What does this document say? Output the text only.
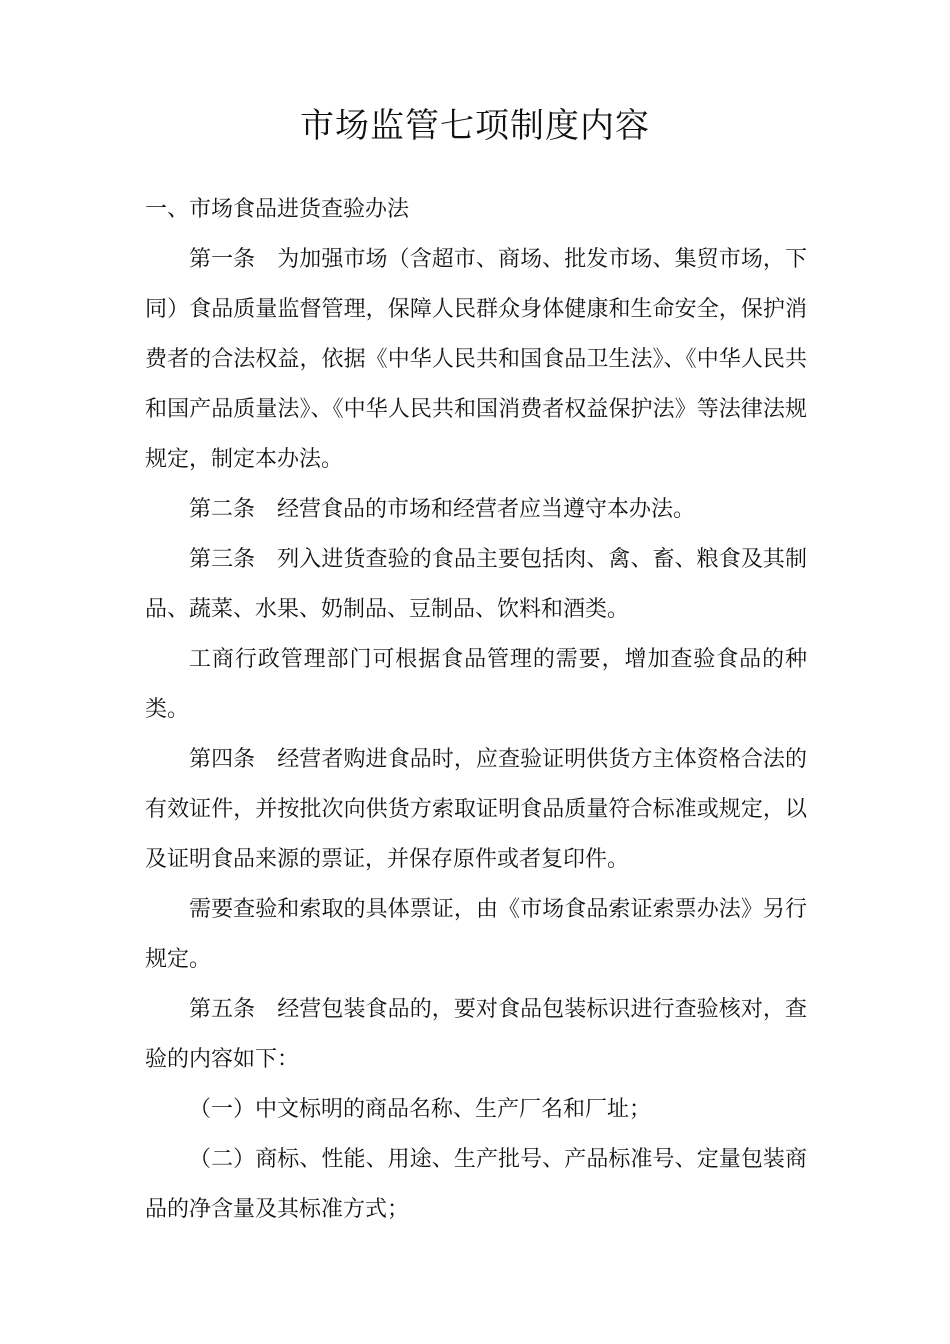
市场监管七项制度内容

一、市场食品进货查验办法

第一条 为加强市场（含超市、商场、批发市场、集贸市场，下同）食品质量监督管理，保障人民群众身体健康和生命安全，保护消费者的合法权益，依据《中华人民共和国食品卫生法》、《中华人民共和国产品质量法》、《中华人民共和国消费者权益保护法》等法律法规规定，制定本办法。

第二条 经营食品的市场和经营者应当遵守本办法。

第三条 列入进货查验的食品主要包括肉、禽、畜、粮食及其制品、蔬菜、水果、奶制品、豆制品、饮料和酒类。

工商行政管理部门可根据食品管理的需要，增加查验食品的种类。

第四条 经营者购进食品时，应查验证明供货方主体资格合法的有效证件，并按批次向供货方索取证明食品质量符合标准或规定，以及证明食品来源的票证，并保存原件或者复印件。

需要查验和索取的具体票证，由《市场食品索证索票办法》另行规定。

第五条 经营包装食品的，要对食品包装标识进行查验核对，查验的内容如下：

（一）中文标明的商品名称、生产厂名和厂址；

（二）商标、性能、用途、生产批号、产品标准号、定量包装商品的净含量及其标准方式；
